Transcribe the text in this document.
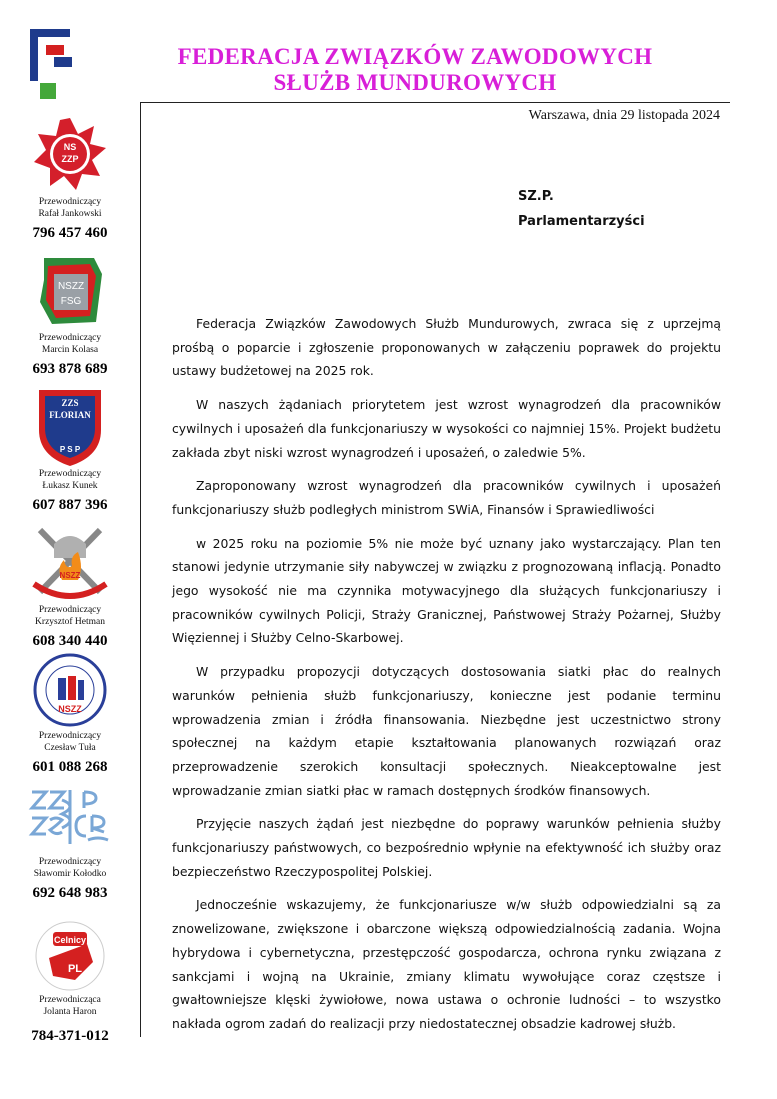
FEDERACJA ZWIĄZKÓW ZAWODOWYCH
SŁUŻB MUNDUROWYCH
NS
ZZP
Przewodniczący
Rafał Jankowski
796 457 460
NSZZ
FSG
Przewodniczący
Marcin Kolasa
693 878 689
ZZS
FLORIAN
P S P
Przewodniczący
Łukasz Kunek
607 887 396
NSZZ
Przewodniczący
Krzysztof Hetman
608 340 440
NSZZ
Przewodniczący
Czesław Tuła
601 088 268
Przewodniczący
Sławomir Kołodko
692 648 983
Celnicy
PL
Przewodnicząca
Jolanta Haron
784-371-012
Warszawa, dnia 29 listopada 2024
SZ.P.
Parlamentarzyści

Federacja Związków Zawodowych Służb Mundurowych, zwraca się z uprzejmą prośbą o poparcie i zgłoszenie proponowanych w załączeniu poprawek do projektu ustawy budżetowej na 2025 rok.

W naszych żądaniach priorytetem jest wzrost wynagrodzeń dla pracowników cywilnych i uposażeń dla funkcjonariuszy w wysokości co najmniej 15%. Projekt budżetu zakłada zbyt niski wzrost wynagrodzeń i uposażeń, o zaledwie 5%.

Zaproponowany wzrost wynagrodzeń dla pracowników cywilnych i uposażeń funkcjonariuszy służb podległych ministrom SWiA, Finansów i Sprawiedliwości

w 2025 roku na poziomie 5% nie może być uznany jako wystarczający. Plan ten stanowi jedynie utrzymanie siły nabywczej w związku z prognozowaną inflacją. Ponadto jego wysokość nie ma czynnika motywacyjnego dla służących funkcjonariuszy i pracowników cywilnych Policji, Straży Granicznej, Państwowej Straży Pożarnej, Służby Więziennej i Służby Celno-Skarbowej.

W przypadku propozycji dotyczących dostosowania siatki płac do realnych warunków pełnienia służb funkcjonariuszy, konieczne jest podanie terminu wprowadzenia zmian i źródła finansowania. Niezbędne jest uczestnictwo strony społecznej na każdym etapie kształtowania planowanych rozwiązań oraz przeprowadzenie szerokich konsultacji społecznych. Nieakceptowalne jest wprowadzanie zmian siatki płac w ramach dostępnych środków finansowych.

Przyjęcie naszych żądań jest niezbędne do poprawy warunków pełnienia służby funkcjonariuszy państwowych, co bezpośrednio wpłynie na efektywność ich służby oraz bezpieczeństwo Rzeczypospolitej Polskiej.

Jednocześnie wskazujemy, że funkcjonariusze w/w służb odpowiedzialni są za znowelizowane, zwiększone i obarczone większą odpowiedzialnością zadania. Wojna hybrydowa i cybernetyczna, przestępczość gospodarcza, ochrona rynku związana z sankcjami i wojną na Ukrainie, zmiany klimatu wywołujące coraz częstsze i gwałtowniejsze klęski żywiołowe, nowa ustawa o ochronie ludności – to wszystko nakłada ogrom zadań do realizacji przy niedostatecznej obsadzie kadrowej służb.
